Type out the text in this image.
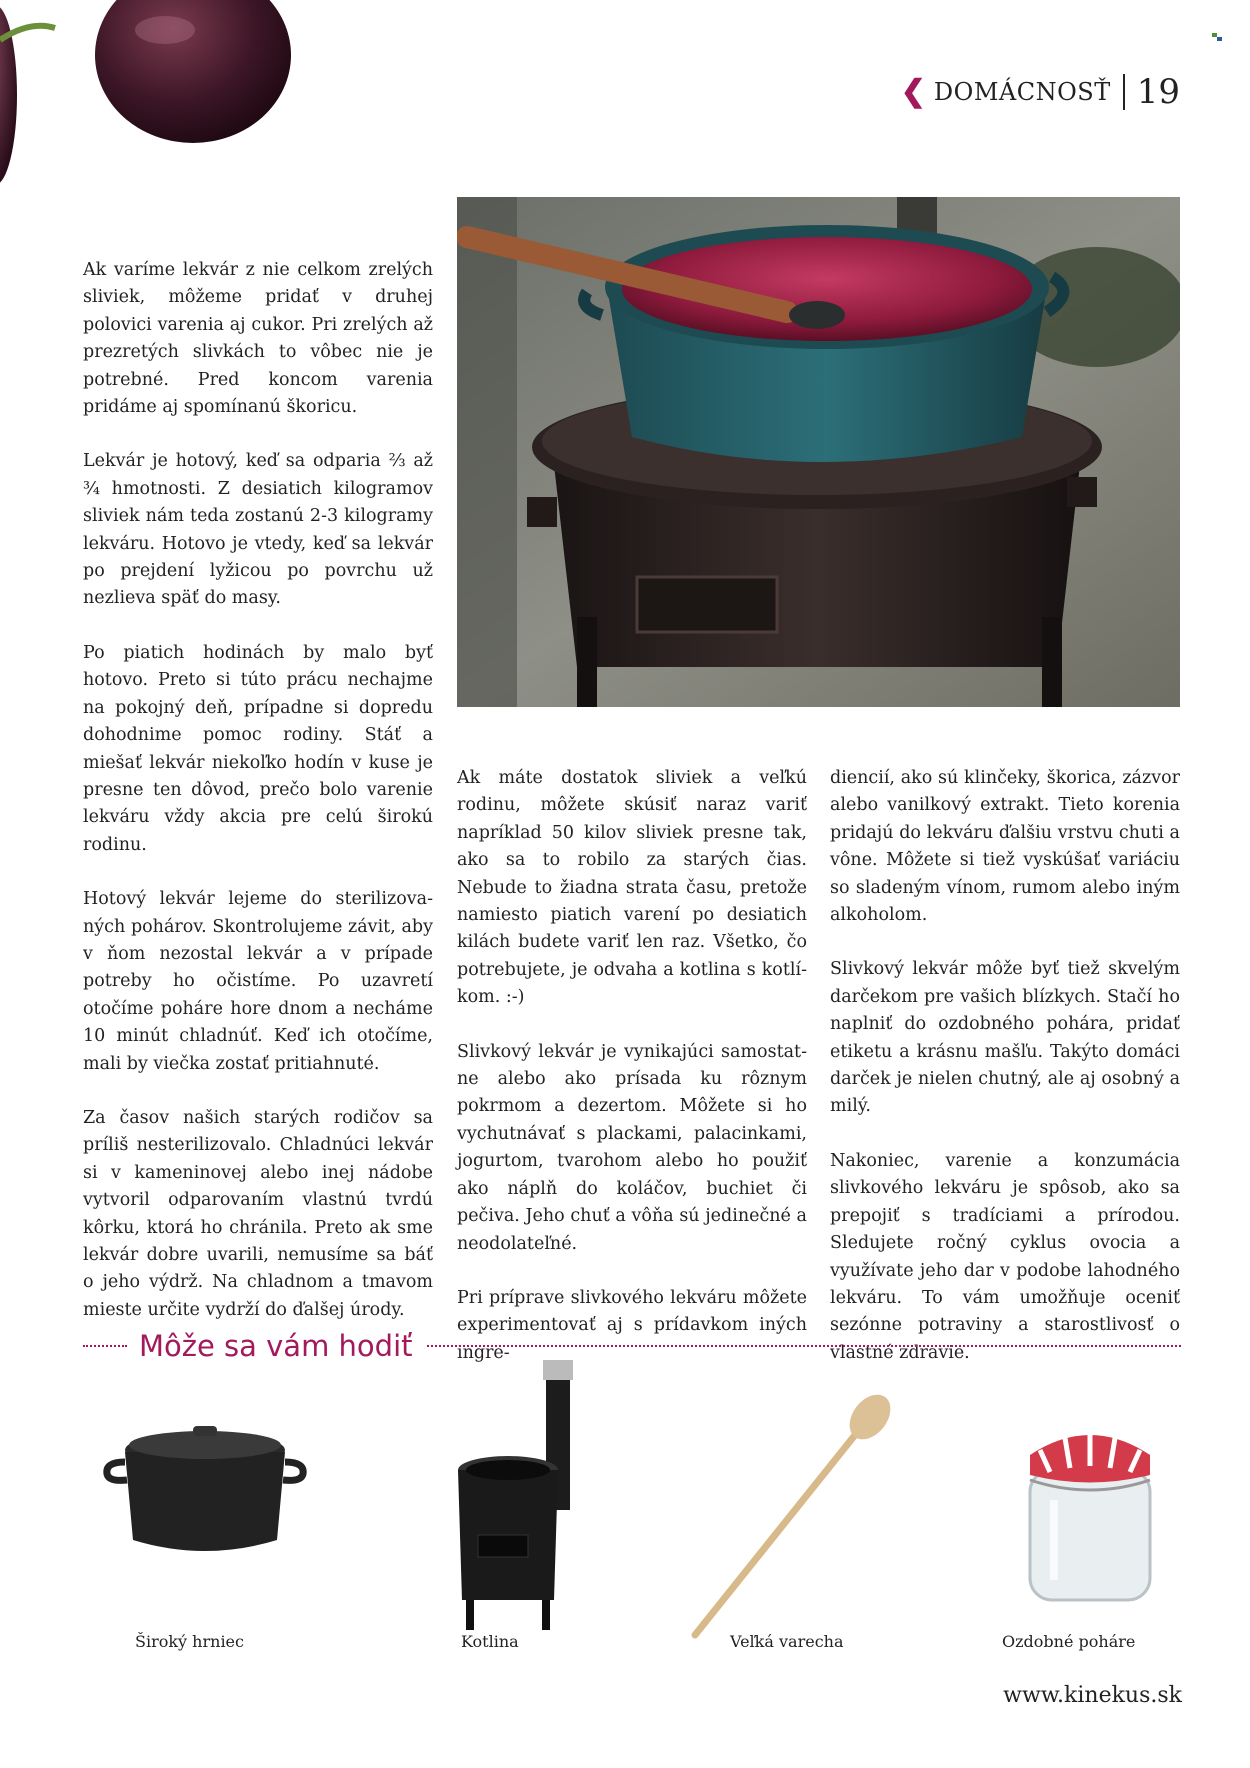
❮ DOMÁCNOSŤ 19

Ak varíme lekvár z nie celkom zrelých sliviek, môžeme pridať v druhej polovici varenia aj cukor. Pri zrelých až prezretých slivkách to vôbec nie je potrebné. Pred koncom varenia pridáme aj spomínanú škoricu.

Lekvár je hotový, keď sa odparia ⅔ až ¾ hmotnosti. Z desiatich kilogramov sliviek nám teda zostanú 2-3 kilogramy lekváru. Hotovo je vtedy, keď sa lekvár po prejdení lyžicou po povrchu už nezlieva späť do masy.

Po piatich hodinách by malo byť hotovo. Preto si túto prácu nechajme na pokojný deň, prípadne si dopredu dohodnime pomoc rodiny. Stáť a miešať lekvár niekoľko hodín v kuse je presne ten dôvod, prečo bolo varenie lekváru vždy akcia pre celú širokú rodinu.

Hotový lekvár lejeme do sterilizovaných pohárov. Skontrolujeme závit, aby v ňom nezostal lekvár a v prípade potreby ho očistíme. Po uzavretí otočíme poháre hore dnom a necháme 10 minút chladnúť. Keď ich otočíme, mali by viečka zostať pritiahnuté.

Za časov našich starých rodičov sa príliš nesterilizovalo. Chladnúci lekvár si v kameninovej alebo inej nádobe vytvoril odparovaním vlastnú tvrdú kôrku, ktorá ho chránila. Preto ak sme lekvár dobre uvarili, nemusíme sa báť o jeho výdrž. Na chladnom a tmavom mieste určite vydrží do ďalšej úrody.

Ak máte dostatok sliviek a veľkú rodinu, môžete skúsiť naraz variť napríklad 50 kilov sliviek presne tak, ako sa to robilo za starých čias. Nebude to žiadna strata času, pretože namiesto piatich varení po desiatich kilách budete variť len raz. Všetko, čo potrebujete, je odvaha a kotlina s kotlíkom. :-)

Slivkový lekvár je vynikajúci samostatne alebo ako prísada ku rôznym pokrmom a dezertom. Môžete si ho vychutnávať s plackami, palacinkami, jogurtom, tvarohom alebo ho použiť ako náplň do koláčov, buchiet či pečiva. Jeho chuť a vôňa sú jedinečné a neodolateľné.

Pri príprave slivkového lekváru môžete experimentovať aj s prídavkom iných ingre-

diencií, ako sú klinčeky, škorica, zázvor alebo vanilkový extrakt. Tieto korenia pridajú do lekváru ďalšiu vrstvu chuti a vône. Môžete si tiež vyskúšať variáciu so sladeným vínom, rumom alebo iným alkoholom.

Slivkový lekvár môže byť tiež skvelým darčekom pre vašich blízkych. Stačí ho naplniť do ozdobného pohára, pridať etiketu a krásnu mašľu. Takýto domáci darček je nielen chutný, ale aj osobný a milý.

Nakoniec, varenie a konzumácia slivkového lekváru je spôsob, ako sa prepojiť s tradíciami a prírodou. Sledujete ročný cyklus ovocia a využívate jeho dar v podobe lahodného lekváru. To vám umožňuje oceniť sezónne potraviny a starostlivosť o vlastné zdravie.

Môže sa vám hodiť
Široký hrniec	Kotlina	Veľká varecha	Ozdobné poháre
www.kinekus.sk
